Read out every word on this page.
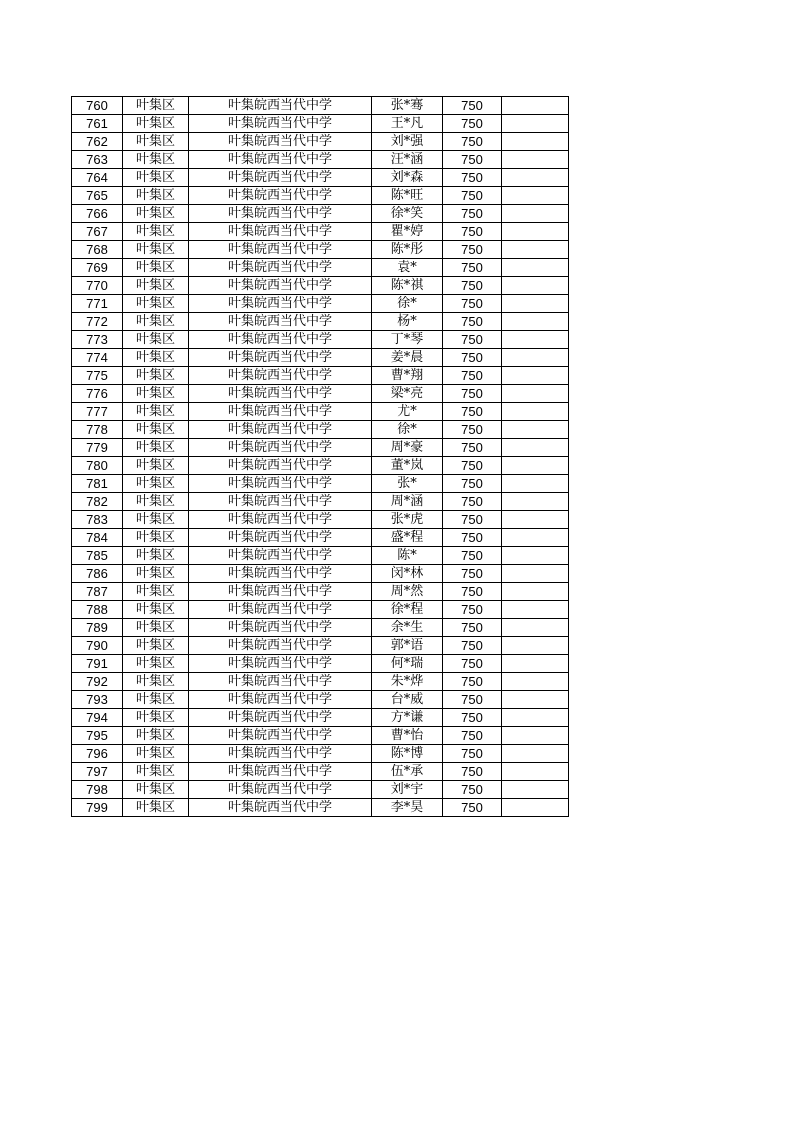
760	叶集区	叶集皖西当代中学	张*骞	750	
761	叶集区	叶集皖西当代中学	王*凡	750	
762	叶集区	叶集皖西当代中学	刘*强	750	
763	叶集区	叶集皖西当代中学	汪*涵	750	
764	叶集区	叶集皖西当代中学	刘*森	750	
765	叶集区	叶集皖西当代中学	陈*旺	750	
766	叶集区	叶集皖西当代中学	徐*笑	750	
767	叶集区	叶集皖西当代中学	瞿*婷	750	
768	叶集区	叶集皖西当代中学	陈*彤	750	
769	叶集区	叶集皖西当代中学	袁*	750	
770	叶集区	叶集皖西当代中学	陈*祺	750	
771	叶集区	叶集皖西当代中学	徐*	750	
772	叶集区	叶集皖西当代中学	杨*	750	
773	叶集区	叶集皖西当代中学	丁*琴	750	
774	叶集区	叶集皖西当代中学	姜*晨	750	
775	叶集区	叶集皖西当代中学	曹*翔	750	
776	叶集区	叶集皖西当代中学	梁*亮	750	
777	叶集区	叶集皖西当代中学	尤*	750	
778	叶集区	叶集皖西当代中学	徐*	750	
779	叶集区	叶集皖西当代中学	周*豪	750	
780	叶集区	叶集皖西当代中学	董*岚	750	
781	叶集区	叶集皖西当代中学	张*	750	
782	叶集区	叶集皖西当代中学	周*涵	750	
783	叶集区	叶集皖西当代中学	张*虎	750	
784	叶集区	叶集皖西当代中学	盛*程	750	
785	叶集区	叶集皖西当代中学	陈*	750	
786	叶集区	叶集皖西当代中学	闵*林	750	
787	叶集区	叶集皖西当代中学	周*然	750	
788	叶集区	叶集皖西当代中学	徐*程	750	
789	叶集区	叶集皖西当代中学	余*生	750	
790	叶集区	叶集皖西当代中学	郭*语	750	
791	叶集区	叶集皖西当代中学	何*瑞	750	
792	叶集区	叶集皖西当代中学	朱*烨	750	
793	叶集区	叶集皖西当代中学	台*威	750	
794	叶集区	叶集皖西当代中学	方*谦	750	
795	叶集区	叶集皖西当代中学	曹*怡	750	
796	叶集区	叶集皖西当代中学	陈*博	750	
797	叶集区	叶集皖西当代中学	伍*承	750	
798	叶集区	叶集皖西当代中学	刘*宇	750	
799	叶集区	叶集皖西当代中学	李*昊	750	
